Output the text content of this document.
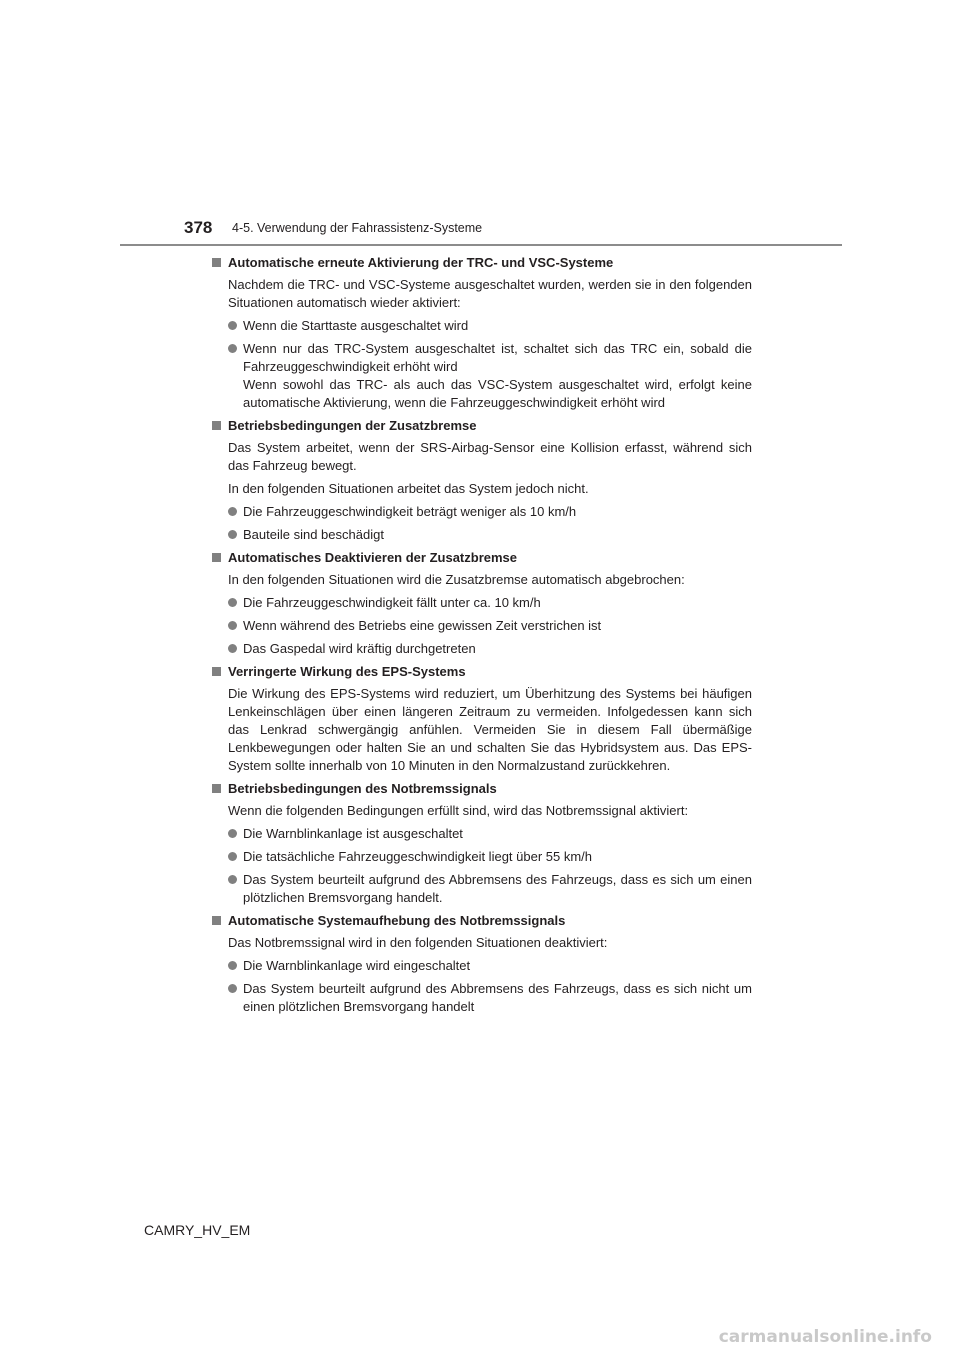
378 4-5. Verwendung der Fahrassistenz-Systeme
Automatische erneute Aktivierung der TRC- und VSC-Systeme
Nachdem die TRC- und VSC-Systeme ausgeschaltet wurden, werden sie in den folgenden Situationen automatisch wieder aktiviert:
Wenn die Starttaste ausgeschaltet wird
Wenn nur das TRC-System ausgeschaltet ist, schaltet sich das TRC ein, sobald die Fahrzeuggeschwindigkeit erhöht wird
Wenn sowohl das TRC- als auch das VSC-System ausgeschaltet wird, erfolgt keine automatische Aktivierung, wenn die Fahrzeuggeschwindigkeit erhöht wird
Betriebsbedingungen der Zusatzbremse
Das System arbeitet, wenn der SRS-Airbag-Sensor eine Kollision erfasst, während sich das Fahrzeug bewegt.
In den folgenden Situationen arbeitet das System jedoch nicht.
Die Fahrzeuggeschwindigkeit beträgt weniger als 10 km/h
Bauteile sind beschädigt
Automatisches Deaktivieren der Zusatzbremse
In den folgenden Situationen wird die Zusatzbremse automatisch abgebrochen:
Die Fahrzeuggeschwindigkeit fällt unter ca. 10 km/h
Wenn während des Betriebs eine gewissen Zeit verstrichen ist
Das Gaspedal wird kräftig durchgetreten
Verringerte Wirkung des EPS-Systems
Die Wirkung des EPS-Systems wird reduziert, um Überhitzung des Systems bei häufigen Lenkeinschlägen über einen längeren Zeitraum zu vermeiden. Infolgedessen kann sich das Lenkrad schwergängig anfühlen. Vermeiden Sie in diesem Fall übermäßige Lenkbewegungen oder halten Sie an und schalten Sie das Hybridsystem aus. Das EPS-System sollte innerhalb von 10 Minuten in den Normalzustand zurückkehren.
Betriebsbedingungen des Notbremssignals
Wenn die folgenden Bedingungen erfüllt sind, wird das Notbremssignal aktiviert:
Die Warnblinkanlage ist ausgeschaltet
Die tatsächliche Fahrzeuggeschwindigkeit liegt über 55 km/h
Das System beurteilt aufgrund des Abbremsens des Fahrzeugs, dass es sich um einen plötzlichen Bremsvorgang handelt.
Automatische Systemaufhebung des Notbremssignals
Das Notbremssignal wird in den folgenden Situationen deaktiviert:
Die Warnblinkanlage wird eingeschaltet
Das System beurteilt aufgrund des Abbremsens des Fahrzeugs, dass es sich nicht um einen plötzlichen Bremsvorgang handelt
CAMRY_HV_EM
carmanualsonline.info
